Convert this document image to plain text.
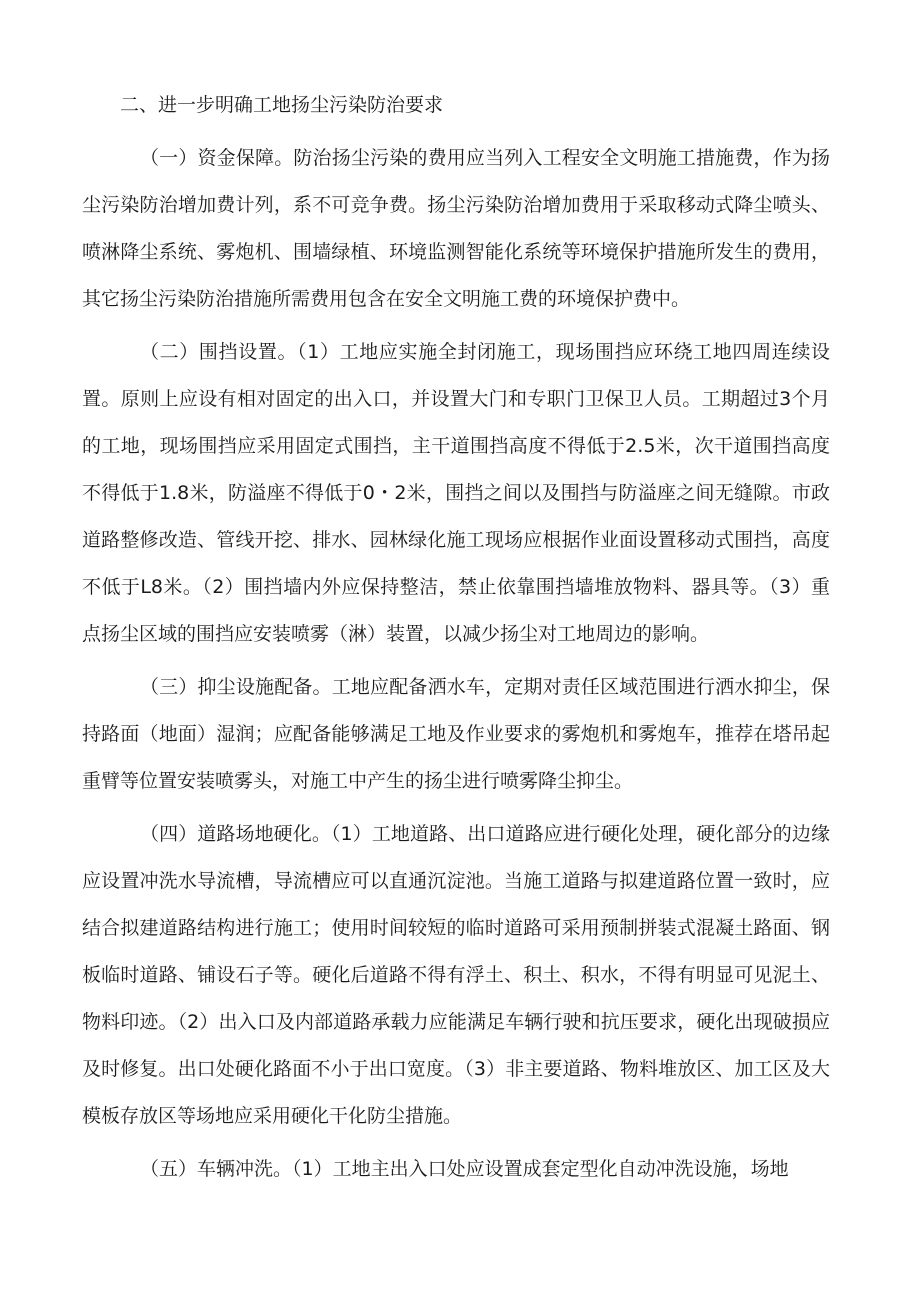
二、进一步明确工地扬尘污染防治要求

（一）资金保障。防治扬尘污染的费用应当列入工程安全文明施工措施费，作为扬尘污染防治增加费计列，系不可竞争费。扬尘污染防治增加费用于采取移动式降尘喷头、喷淋降尘系统、雾炮机、围墙绿植、环境监测智能化系统等环境保护措施所发生的费用，其它扬尘污染防治措施所需费用包含在安全文明施工费的环境保护费中。

（二）围挡设置。（1）工地应实施全封闭施工，现场围挡应环绕工地四周连续设置。原则上应设有相对固定的出入口，并设置大门和专职门卫保卫人员。工期超过3个月的工地，现场围挡应采用固定式围挡，主干道围挡高度不得低于2.5米，次干道围挡高度不得低于1.8米，防溢座不得低于0・2米，围挡之间以及围挡与防溢座之间无缝隙。市政道路整修改造、管线开挖、排水、园林绿化施工现场应根据作业面设置移动式围挡，高度不低于L8米。（2）围挡墙内外应保持整洁，禁止依靠围挡墙堆放物料、器具等。（3）重点扬尘区域的围挡应安装喷雾（淋）装置，以减少扬尘对工地周边的影响。

（三）抑尘设施配备。工地应配备洒水车，定期对责任区域范围进行洒水抑尘，保持路面（地面）湿润；应配备能够满足工地及作业要求的雾炮机和雾炮车，推荐在塔吊起重臂等位置安装喷雾头，对施工中产生的扬尘进行喷雾降尘抑尘。

（四）道路场地硬化。（1）工地道路、出口道路应进行硬化处理，硬化部分的边缘应设置冲洗水导流槽，导流槽应可以直通沉淀池。当施工道路与拟建道路位置一致时，应结合拟建道路结构进行施工；使用时间较短的临时道路可采用预制拼装式混凝土路面、钢板临时道路、铺设石子等。硬化后道路不得有浮土、积土、积水，不得有明显可见泥土、物料印迹。（2）出入口及内部道路承载力应能满足车辆行驶和抗压要求，硬化出现破损应及时修复。出口处硬化路面不小于出口宽度。（3）非主要道路、物料堆放区、加工区及大模板存放区等场地应采用硬化干化防尘措施。

（五）车辆冲洗。（1）工地主出入口处应设置成套定型化自动冲洗设施，场地
